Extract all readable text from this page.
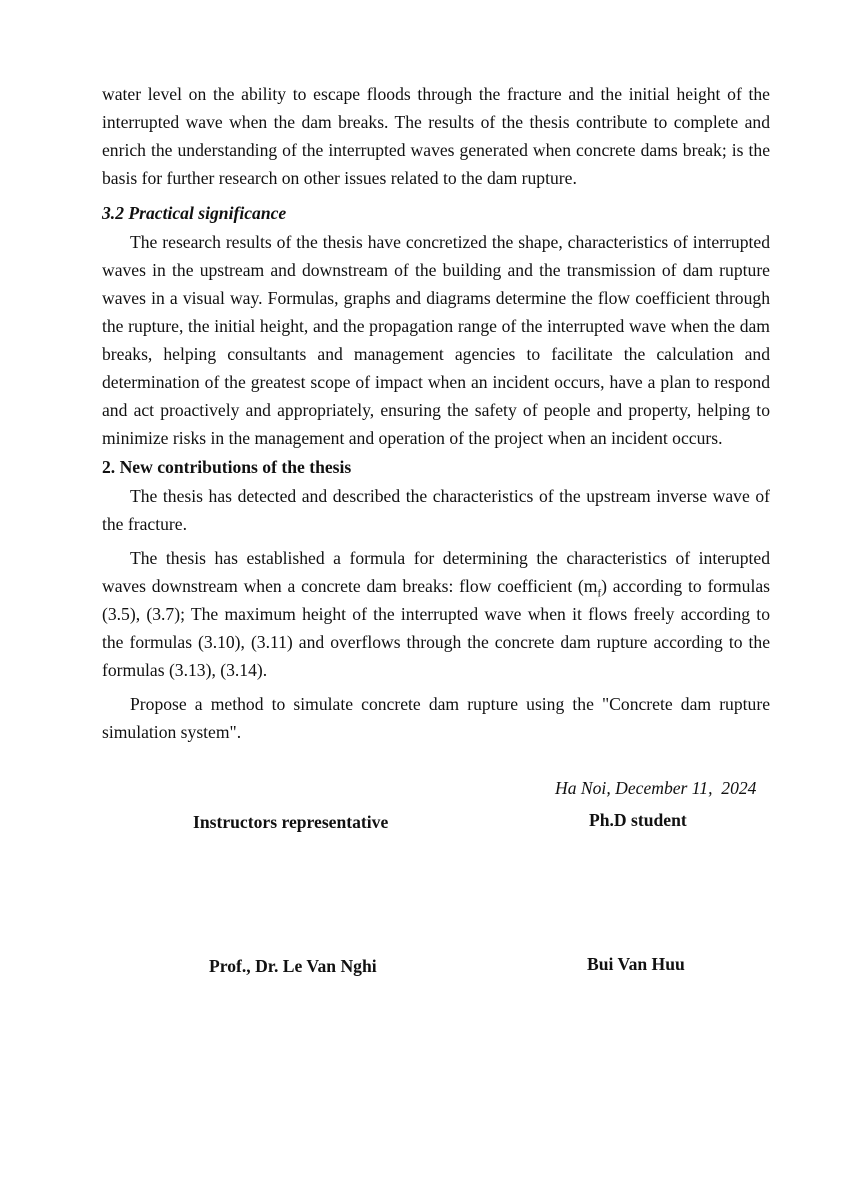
water level on the ability to escape floods through the fracture and the initial height of the interrupted wave when the dam breaks. The results of the thesis contribute to complete and enrich the understanding of the interrupted waves generated when concrete dams break; is the basis for further research on other issues related to the dam rupture.

3.2 Practical significance

The research results of the thesis have concretized the shape, characteristics of interrupted waves in the upstream and downstream of the building and the transmission of dam rupture waves in a visual way. Formulas, graphs and diagrams determine the flow coefficient through the rupture, the initial height, and the propagation range of the interrupted wave when the dam breaks, helping consultants and management agencies to facilitate the calculation and determination of the greatest scope of impact when an incident occurs, have a plan to respond and act proactively and appropriately, ensuring the safety of people and property, helping to minimize risks in the management and operation of the project when an incident occurs.

2. New contributions of the thesis

The thesis has detected and described the characteristics of the upstream inverse wave of the fracture.

The thesis has established a formula for determining the characteristics of interupted waves downstream when a concrete dam breaks: flow coefficient $(m_f)$ according to formulas (3.5), (3.7); The maximum height of the interrupted wave when it flows freely according to the formulas (3.10), (3.11) and overflows through the concrete dam rupture according to the formulas (3.13), (3.14).

Propose a method to simulate concrete dam rupture using the "Concrete dam rupture simulation system".

Ha Noi, December 11,  2024
Instructors representative	Ph.D student
Prof., Dr. Le Van Nghi	Bui Van Huu
